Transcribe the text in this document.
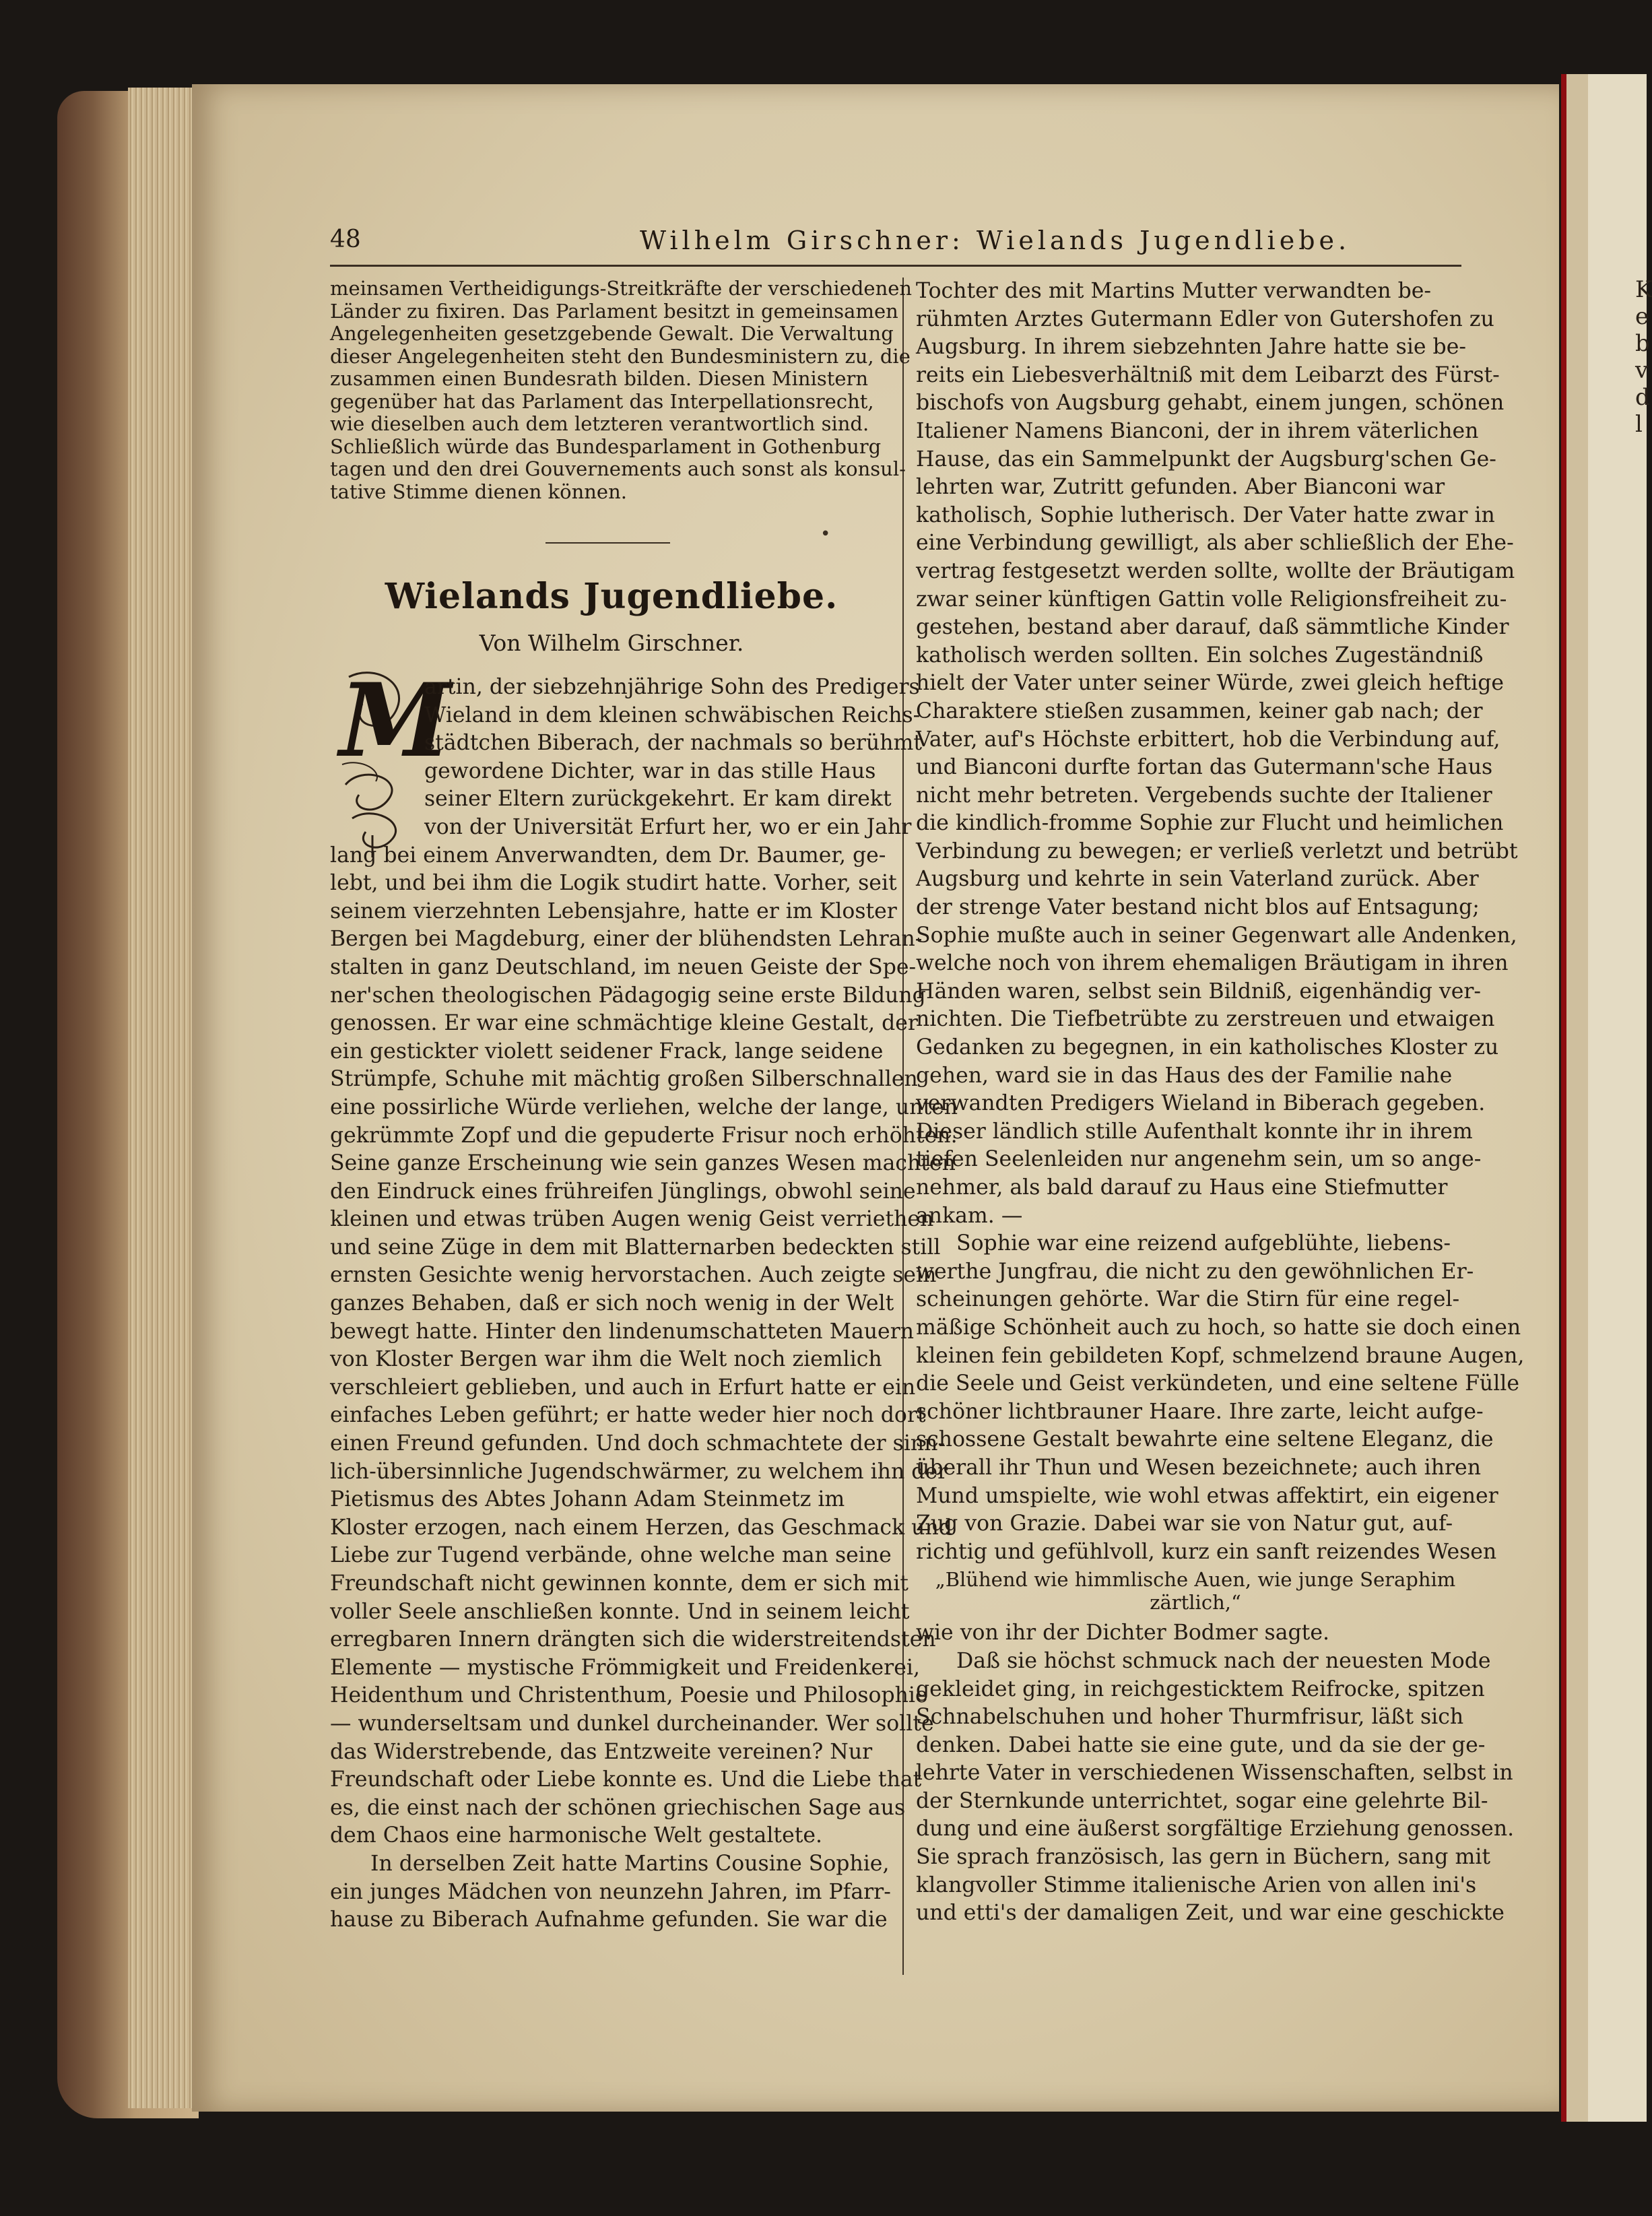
K
e
b
v
d
l
48	Wilhelm Girschner: Wielands Jugendliebe.
meinsamen Vertheidigungs-Streitkräfte der verschiedenen
Länder zu fixiren. Das Parlament besitzt in gemeinsamen
Angelegenheiten gesetzgebende Gewalt. Die Verwaltung
dieser Angelegenheiten steht den Bundesministern zu, die
zusammen einen Bundesrath bilden. Diesen Ministern
gegenüber hat das Parlament das Interpellationsrecht,
wie dieselben auch dem letzteren verantwortlich sind.
Schließlich würde das Bundesparlament in Gothenburg
tagen und den drei Gouvernements auch sonst als konsul-
tative Stimme dienen können.
•
Wielands Jugendliebe.
Von Wilhelm Girschner.
M
artin, der siebzehnjährige Sohn des Predigers
Wieland in dem kleinen schwäbischen Reichs-
städtchen Biberach, der nachmals so berühmt
gewordene Dichter, war in das stille Haus
seiner Eltern zurückgekehrt. Er kam direkt
von der Universität Erfurt her, wo er ein Jahr
lang bei einem Anverwandten, dem Dr. Baumer, ge-
lebt, und bei ihm die Logik studirt hatte. Vorher, seit
seinem vierzehnten Lebensjahre, hatte er im Kloster
Bergen bei Magdeburg, einer der blühendsten Lehran-
stalten in ganz Deutschland, im neuen Geiste der Spe-
ner'schen theologischen Pädagogig seine erste Bildung
genossen. Er war eine schmächtige kleine Gestalt, der
ein gestickter violett seidener Frack, lange seidene
Strümpfe, Schuhe mit mächtig großen Silberschnallen
eine possirliche Würde verliehen, welche der lange, unten
gekrümmte Zopf und die gepuderte Frisur noch erhöhten.
Seine ganze Erscheinung wie sein ganzes Wesen machten
den Eindruck eines frühreifen Jünglings, obwohl seine
kleinen und etwas trüben Augen wenig Geist verriethen
und seine Züge in dem mit Blatternarben bedeckten still
ernsten Gesichte wenig hervorstachen. Auch zeigte sein
ganzes Behaben, daß er sich noch wenig in der Welt
bewegt hatte. Hinter den lindenumschatteten Mauern
von Kloster Bergen war ihm die Welt noch ziemlich
verschleiert geblieben, und auch in Erfurt hatte er ein
einfaches Leben geführt; er hatte weder hier noch dort
einen Freund gefunden. Und doch schmachtete der sinn-
lich-übersinnliche Jugendschwärmer, zu welchem ihn der
Pietismus des Abtes Johann Adam Steinmetz im
Kloster erzogen, nach einem Herzen, das Geschmack und
Liebe zur Tugend verbände, ohne welche man seine
Freundschaft nicht gewinnen konnte, dem er sich mit
voller Seele anschließen konnte. Und in seinem leicht
erregbaren Innern drängten sich die widerstreitendsten
Elemente — mystische Frömmigkeit und Freidenkerei,
Heidenthum und Christenthum, Poesie und Philosophie
— wunderseltsam und dunkel durcheinander. Wer sollte
das Widerstrebende, das Entzweite vereinen? Nur
Freundschaft oder Liebe konnte es. Und die Liebe that
es, die einst nach der schönen griechischen Sage aus
dem Chaos eine harmonische Welt gestaltete.
In derselben Zeit hatte Martins Cousine Sophie,
ein junges Mädchen von neunzehn Jahren, im Pfarr-
hause zu Biberach Aufnahme gefunden. Sie war die
Tochter des mit Martins Mutter verwandten be-
rühmten Arztes Gutermann Edler von Gutershofen zu
Augsburg. In ihrem siebzehnten Jahre hatte sie be-
reits ein Liebesverhältniß mit dem Leibarzt des Fürst-
bischofs von Augsburg gehabt, einem jungen, schönen
Italiener Namens Bianconi, der in ihrem väterlichen
Hause, das ein Sammelpunkt der Augsburg'schen Ge-
lehrten war, Zutritt gefunden. Aber Bianconi war
katholisch, Sophie lutherisch. Der Vater hatte zwar in
eine Verbindung gewilligt, als aber schließlich der Ehe-
vertrag festgesetzt werden sollte, wollte der Bräutigam
zwar seiner künftigen Gattin volle Religionsfreiheit zu-
gestehen, bestand aber darauf, daß sämmtliche Kinder
katholisch werden sollten. Ein solches Zugeständniß
hielt der Vater unter seiner Würde, zwei gleich heftige
Charaktere stießen zusammen, keiner gab nach; der
Vater, auf's Höchste erbittert, hob die Verbindung auf,
und Bianconi durfte fortan das Gutermann'sche Haus
nicht mehr betreten. Vergebends suchte der Italiener
die kindlich-fromme Sophie zur Flucht und heimlichen
Verbindung zu bewegen; er verließ verletzt und betrübt
Augsburg und kehrte in sein Vaterland zurück. Aber
der strenge Vater bestand nicht blos auf Entsagung;
Sophie mußte auch in seiner Gegenwart alle Andenken,
welche noch von ihrem ehemaligen Bräutigam in ihren
Händen waren, selbst sein Bildniß, eigenhändig ver-
nichten. Die Tiefbetrübte zu zerstreuen und etwaigen
Gedanken zu begegnen, in ein katholisches Kloster zu
gehen, ward sie in das Haus des der Familie nahe
verwandten Predigers Wieland in Biberach gegeben.
Dieser ländlich stille Aufenthalt konnte ihr in ihrem
tiefen Seelenleiden nur angenehm sein, um so ange-
nehmer, als bald darauf zu Haus eine Stiefmutter
ankam. —
Sophie war eine reizend aufgeblühte, liebens-
werthe Jungfrau, die nicht zu den gewöhnlichen Er-
scheinungen gehörte. War die Stirn für eine regel-
mäßige Schönheit auch zu hoch, so hatte sie doch einen
kleinen fein gebildeten Kopf, schmelzend braune Augen,
die Seele und Geist verkündeten, und eine seltene Fülle
schöner lichtbrauner Haare. Ihre zarte, leicht aufge-
schossene Gestalt bewahrte eine seltene Eleganz, die
überall ihr Thun und Wesen bezeichnete; auch ihren
Mund umspielte, wie wohl etwas affektirt, ein eigener
Zug von Grazie. Dabei war sie von Natur gut, auf-
richtig und gefühlvoll, kurz ein sanft reizendes Wesen
„Blühend wie himmlische Auen, wie junge Seraphim
zärtlich,“
wie von ihr der Dichter Bodmer sagte.
Daß sie höchst schmuck nach der neuesten Mode
gekleidet ging, in reichgesticktem Reifrocke, spitzen
Schnabelschuhen und hoher Thurmfrisur, läßt sich
denken. Dabei hatte sie eine gute, und da sie der ge-
lehrte Vater in verschiedenen Wissenschaften, selbst in
der Sternkunde unterrichtet, sogar eine gelehrte Bil-
dung und eine äußerst sorgfältige Erziehung genossen.
Sie sprach französisch, las gern in Büchern, sang mit
klangvoller Stimme italienische Arien von allen ini's
und etti's der damaligen Zeit, und war eine geschickte
